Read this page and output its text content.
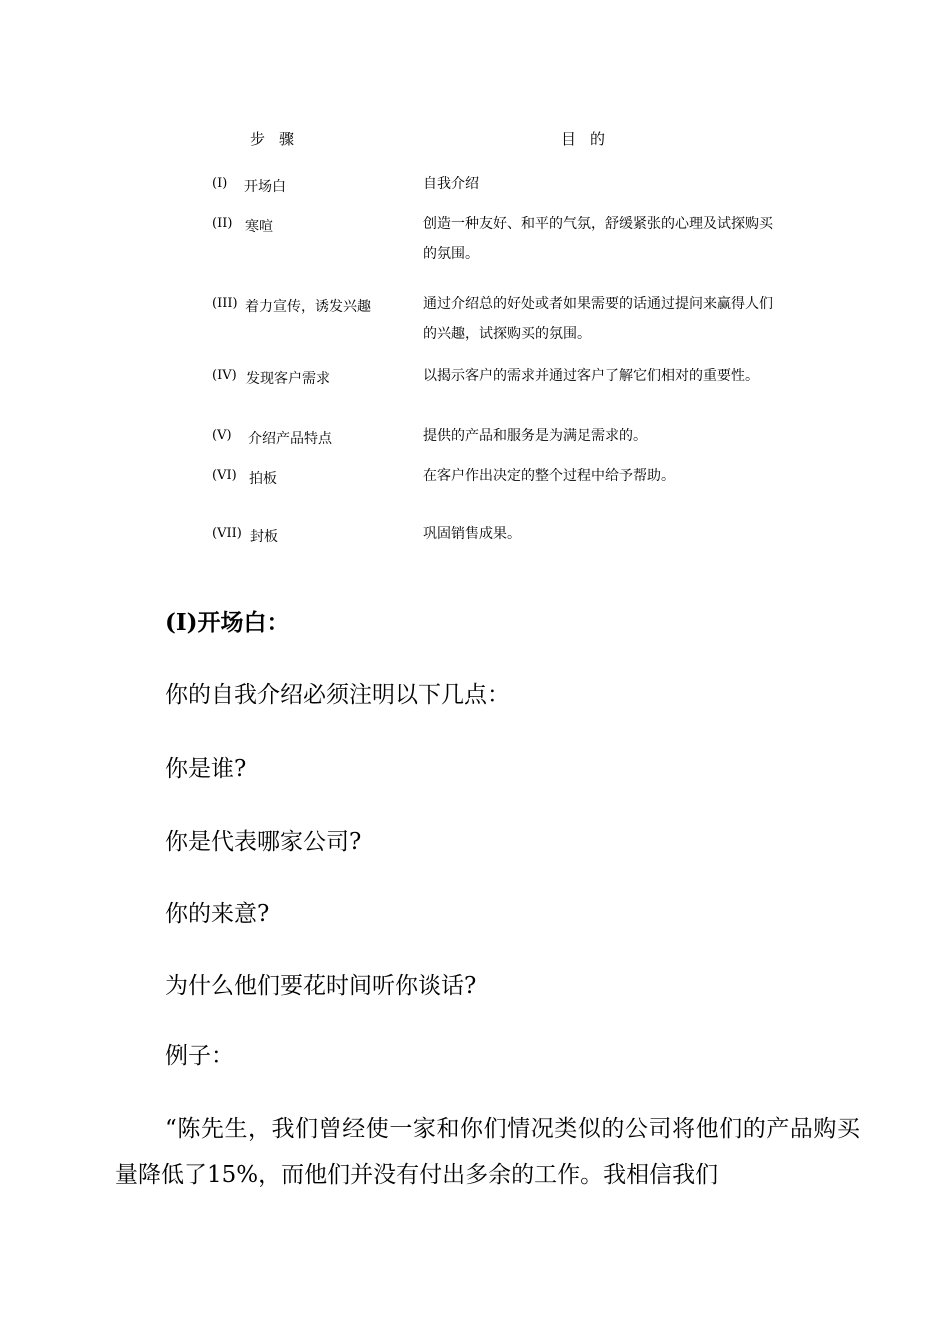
步骤	目的
(I) 开场白	自我介绍
(II) 寒喧	创造一种友好、和平的气氛，舒缓紧张的心理及试探购买的氛围。
(III) 着力宣传，诱发兴趣	通过介绍总的好处或者如果需要的话通过提问来赢得人们的兴趣，试探购买的氛围。
(IV) 发现客户需求	以揭示客户的需求并通过客户了解它们相对的重要性。
(V) 介绍产品特点	提供的产品和服务是为满足需求的。
(VI) 拍板	在客户作出决定的整个过程中给予帮助。
(VII) 封板	巩固销售成果。
(I)开场白：
你的自我介绍必须注明以下几点：
你是谁?
你是代表哪家公司?
你的来意?
为什么他们要花时间听你谈话?
例子：
“陈先生，我们曾经使一家和你们情况类似的公司将他们的产品购买量降低了15%，而他们并没有付出多余的工作。我相信我们
